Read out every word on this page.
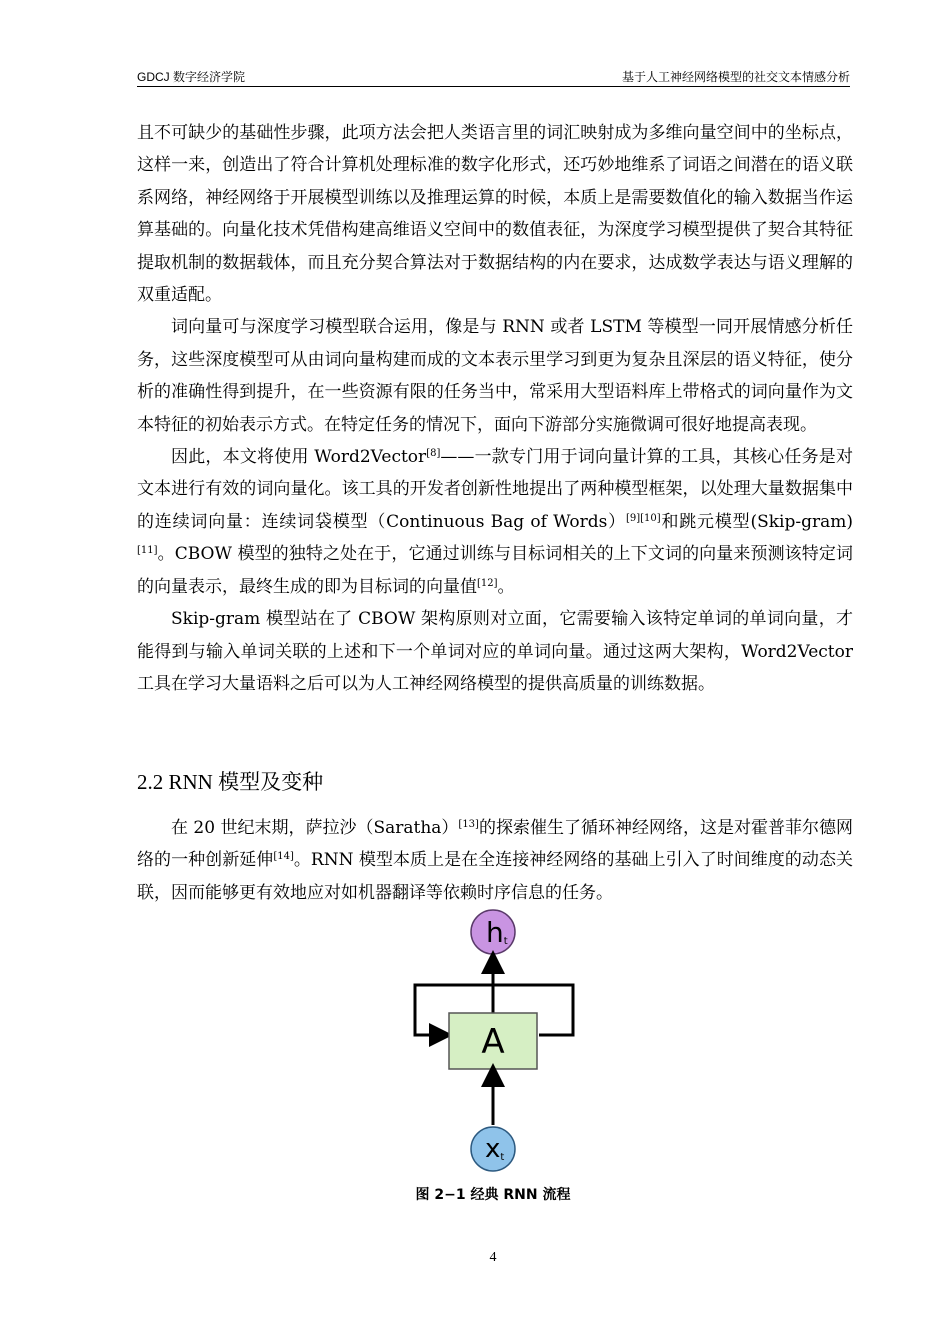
GDCJ 数字经济学院	基于人工神经网络模型的社交文本情感分析

且不可缺少的基础性步骤，此项方法会把人类语言里的词汇映射成为多维向量空间中的坐标点，这样一来，创造出了符合计算机处理标准的数字化形式，还巧妙地维系了词语之间潜在的语义联系网络，神经网络于开展模型训练以及推理运算的时候，本质上是需要数值化的输入数据当作运算基础的。向量化技术凭借构建高维语义空间中的数值表征，为深度学习模型提供了契合其特征提取机制的数据载体，而且充分契合算法对于数据结构的内在要求，达成数学表达与语义理解的双重适配。

词向量可与深度学习模型联合运用，像是与 RNN 或者 LSTM 等模型一同开展情感分析任务，这些深度模型可从由词向量构建而成的文本表示里学习到更为复杂且深层的语义特征，使分析的准确性得到提升，在一些资源有限的任务当中，常采用大型语料库上带格式的词向量作为文本特征的初始表示方式。在特定任务的情况下，面向下游部分实施微调可很好地提高表现。

因此，本文将使用 Word2Vector[8]——一款专门用于词向量计算的工具，其核心任务是对文本进行有效的词向量化。该工具的开发者创新性地提出了两种模型框架，以处理大量数据集中的连续词向量：连续词袋模型（Continuous Bag of Words）[9][10]和跳元模型(Skip-gram)[11]。CBOW 模型的独特之处在于，它通过训练与目标词相关的上下文词的向量来预测该特定词的向量表示，最终生成的即为目标词的向量值[12]。

Skip-gram 模型站在了 CBOW 架构原则对立面，它需要输入该特定单词的单词向量，才能得到与输入单词关联的上述和下一个单词对应的单词向量。通过这两大架构，Word2Vector 工具在学习大量语料之后可以为人工神经网络模型的提供高质量的训练数据。

2.2 RNN 模型及变种

在 20 世纪末期，萨拉沙（Saratha）[13]的探索催生了循环神经网络，这是对霍普菲尔德网络的一种创新延伸[14]。RNN 模型本质上是在全连接神经网络的基础上引入了时间维度的动态关联，因而能够更有效地应对如机器翻译等依赖时序信息的任务。

ht
A
xt
图 2−1 经典 RNN 流程
4
